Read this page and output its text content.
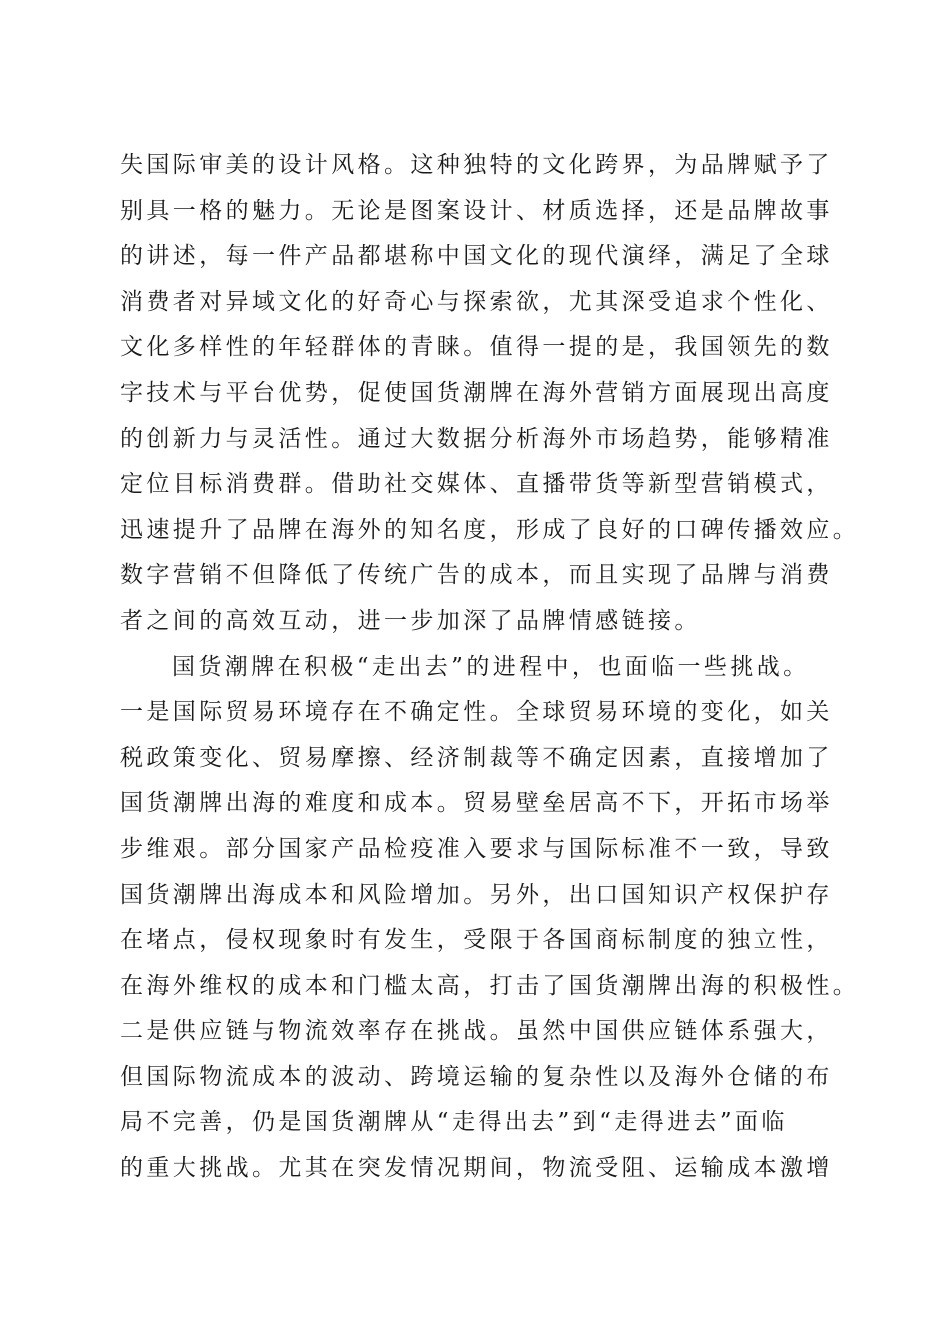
失国际审美的设计风格。这种独特的文化跨界，为品牌赋予了
别具一格的魅力。无论是图案设计、材质选择，还是品牌故事
的讲述，每一件产品都堪称中国文化的现代演绎，满足了全球
消费者对异域文化的好奇心与探索欲，尤其深受追求个性化、
文化多样性的年轻群体的青睐。值得一提的是，我国领先的数
字技术与平台优势，促使国货潮牌在海外营销方面展现出高度
的创新力与灵活性。通过大数据分析海外市场趋势，能够精准
定位目标消费群。借助社交媒体、直播带货等新型营销模式，
迅速提升了品牌在海外的知名度，形成了良好的口碑传播效应。
数字营销不但降低了传统广告的成本，而且实现了品牌与消费
者之间的高效互动，进一步加深了品牌情感链接。
国货潮牌在积极“走出去”的进程中，也面临一些挑战。
一是国际贸易环境存在不确定性。全球贸易环境的变化，如关
税政策变化、贸易摩擦、经济制裁等不确定因素，直接增加了
国货潮牌出海的难度和成本。贸易壁垒居高不下，开拓市场举
步维艰。部分国家产品检疫准入要求与国际标准不一致，导致
国货潮牌出海成本和风险增加。另外，出口国知识产权保护存
在堵点，侵权现象时有发生，受限于各国商标制度的独立性，
在海外维权的成本和门槛太高，打击了国货潮牌出海的积极性。
二是供应链与物流效率存在挑战。虽然中国供应链体系强大，
但国际物流成本的波动、跨境运输的复杂性以及海外仓储的布
局不完善，仍是国货潮牌从“走得出去”到“走得进去”面临
的重大挑战。尤其在突发情况期间，物流受阻、运输成本激增
